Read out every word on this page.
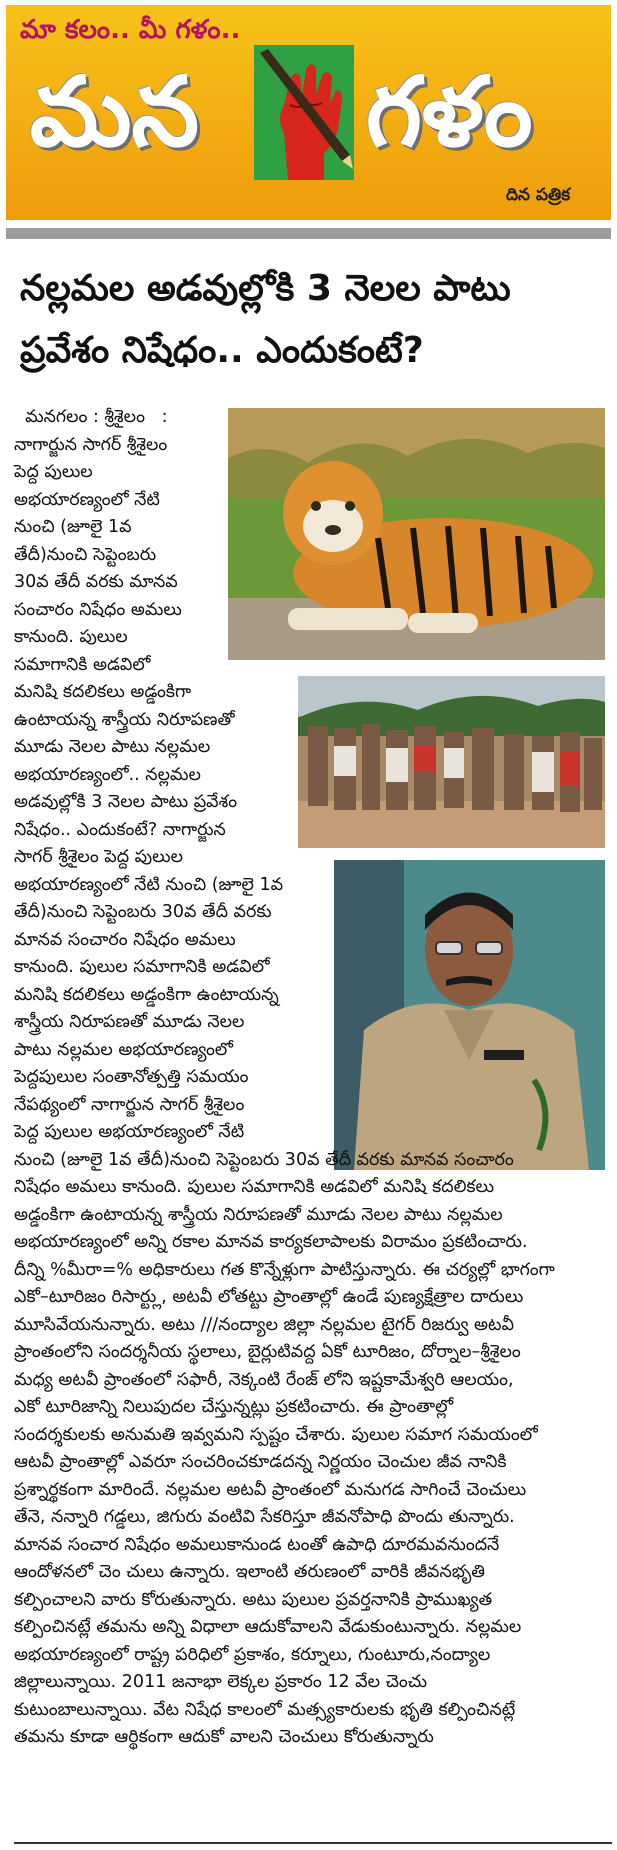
మా కలం.. మీ గళం..
మన గళం
దిన పత్రిక
నల్లమల అడవుల్లోకి 3 నెలల పాటు
ప్రవేశం నిషేధం.. ఎందుకంటే?
మనగలం : శ్రీశైలం   :
నాగార్జున సాగర్ శ్రీశైలం
పెద్ద పులుల
అభయారణ్యంలో నేటి
నుంచి (జూలై 1వ
తేదీ)నుంచి సెప్టెంబరు
30వ తేదీ వరకు మానవ
సంచారం నిషేధం అమలు
కానుంది. పులుల
సమాగానికి అడవిలో
మనిషి కదలికలు అడ్డంకిగా
ఉంటాయన్న శాస్త్రీయ నిరూపణతో
మూడు నెలల పాటు నల్లమల
అభయారణ్యంలో.. నల్లమల
అడవుల్లోకి 3 నెలల పాటు ప్రవేశం
నిషేధం.. ఎందుకంటే? నాగార్జున
సాగర్ శ్రీశైలం పెద్ద పులుల
అభయారణ్యంలో నేటి నుంచి (జూలై 1వ
తేదీ)నుంచి సెప్టెంబరు 30వ తేదీ వరకు
మానవ సంచారం నిషేధం అమలు
కానుంది. పులుల సమాగానికి అడవిలో
మనిషి కదలికలు అడ్డంకిగా ఉంటాయన్న
శాస్త్రీయ నిరూపణతో మూడు నెలల
పాటు నల్లమల అభయారణ్యంలో
పెద్దపులుల సంతానోత్పత్తి సమయం
నేపథ్యంలో నాగార్జున సాగర్ శ్రీశైలం
పెద్ద పులుల అభయారణ్యంలో నేటి
నుంచి (జూలై 1వ తేదీ)నుంచి సెప్టెంబరు 30వ తేదీ వరకు మానవ సంచారం
నిషేధం అమలు కానుంది. పులుల సమాగానికి అడవిలో మనిషి కదలికలు
అడ్డంకిగా ఉంటాయన్న శాస్త్రీయ నిరూపణతో మూడు నెలల పాటు నల్లమల
అభయారణ్యంలో అన్ని రకాల మానవ కార్యకలాపాలకు విరామం ప్రకటించారు.
దీన్ని %మీరా=% అధికారులు గత కొన్నేళ్లుగా పాటిస్తున్నారు. ఈ చర్యల్లో భాగంగా
ఎకో–టూరిజం రిసార్ట్లు, అటవీ లోతట్టు ప్రాంతాల్లో ఉండే పుణ్యక్షేత్రాల దారులు
మూసివేయనున్నారు. అటు ///నంద్యాల జిల్లా నల్లమల టైగర్ రిజర్వు అటవీ
ప్రాంతంలోని సందర్శనీయ స్థలాలు, బైర్లుటివద్ద ఏకో టూరిజం, దోర్నాల–శ్రీశైలం
మధ్య అటవీ ప్రాంతంలో సఫారీ, నెక్కంటి రేంజ్ లోని ఇష్టకామేశ్వరి ఆలయం,
ఎకో టూరిజాన్ని నిలుపుదల చేస్తున్నట్లు ప్రకటించారు. ఈ ప్రాంతాల్లో
సందర్శకులకు అనుమతి ఇవ్వమని స్పష్టం చేశారు. పులుల సమాగ సమయంలో
ఆటవీ ప్రాంతాల్లో ఎవరూ సంచరించకూడదన్న నిర్ణయం చెంచుల జీవ నానికి
ప్రశ్నార్థకంగా మారిందే. నల్లమల అటవీ ప్రాంతంలో మనుగడ సాగించే చెంచులు
తేనె, నన్నారి గడ్డలు, జిగురు వంటివి సేకరిస్తూ జీవనోపాధి పొందు తున్నారు.
మానవ సంచార నిషేధం అమలుకానుండ టంతో ఉపాధి దూరమవనుందనే
ఆందోళనలో చెం చులు ఉన్నారు. ఇలాంటి తరుణంలో వారికి జీవనభృతి
కల్పించాలని వారు కోరుతున్నారు. అటు పులుల ప్రవర్తనానికి ప్రాముఖ్యత
కల్పించినట్లే తమను అన్ని విధాలా ఆదుకోవాలని వేడుకుంటున్నారు. నల్లమల
అభయారణ్యంలో రాష్ట్ర పరిధిలో ప్రకాశం, కర్నూలు, గుంటూరు,నంద్యాల
జిల్లాలున్నాయి. 2011 జనాభా లెక్కల ప్రకారం 12 వేల చెంచు
కుటుంబాలున్నాయి. వేట నిషేధ కాలంలో మత్స్యకారులకు భృతి కల్పించినట్లే
తమను కూడా ఆర్థికంగా ఆదుకో వాలని చెంచులు కోరుతున్నారు
